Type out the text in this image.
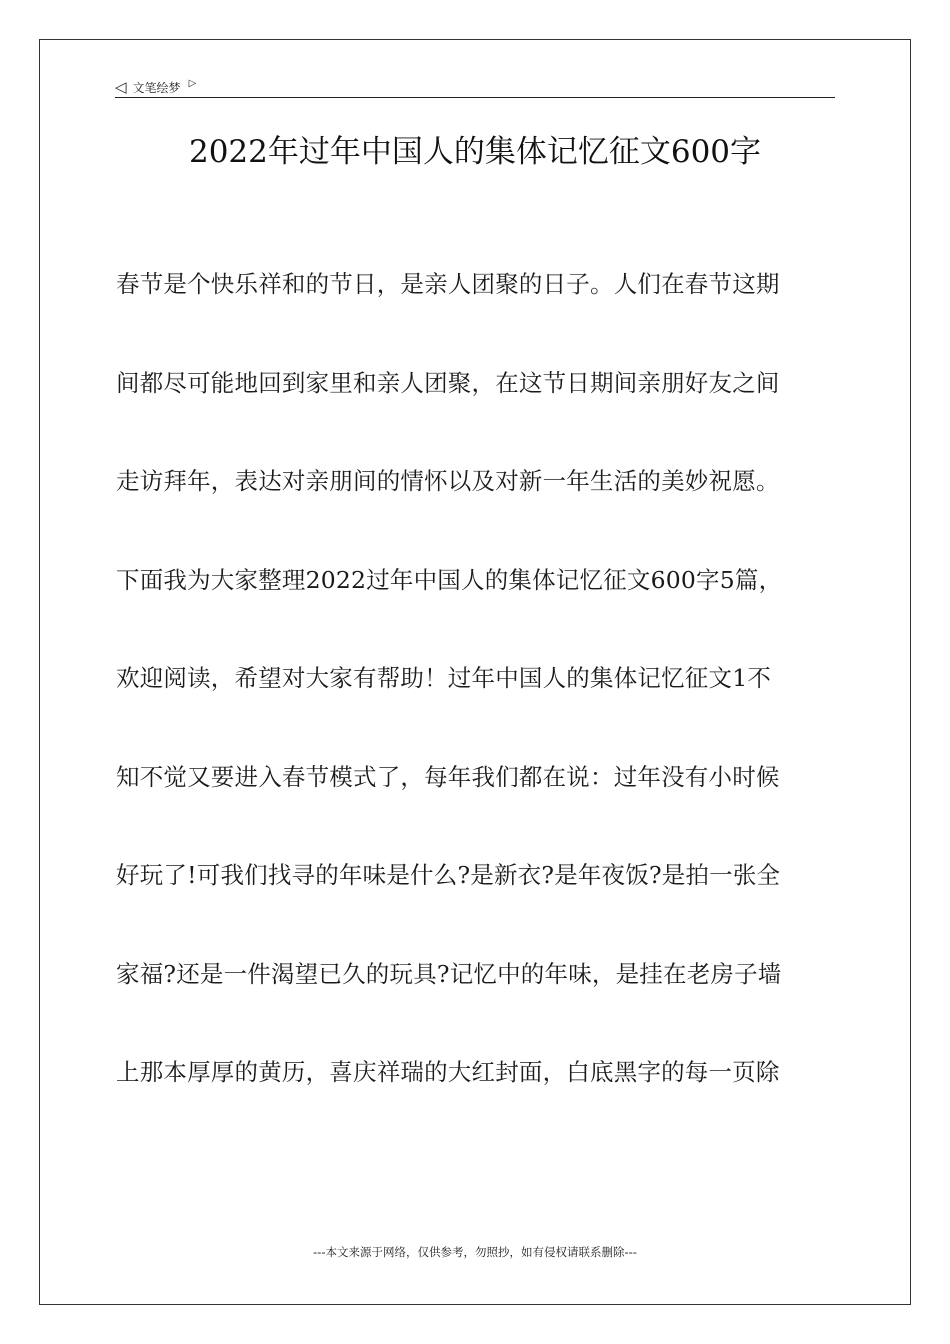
◁ 文笔绘梦 ▷
2022年过年中国人的集体记忆征文600字
春节是个快乐祥和的节日，是亲人团聚的日子。人们在春节这期
间都尽可能地回到家里和亲人团聚，在这节日期间亲朋好友之间
走访拜年，表达对亲朋间的情怀以及对新一年生活的美妙祝愿。
下面我为大家整理2022过年中国人的集体记忆征文600字5篇，
欢迎阅读，希望对大家有帮助！过年中国人的集体记忆征文1不
知不觉又要进入春节模式了，每年我们都在说：过年没有小时候
好玩了!可我们找寻的年味是什么?是新衣?是年夜饭?是拍一张全
家福?还是一件渴望已久的玩具?记忆中的年味，是挂在老房子墙
上那本厚厚的黄历，喜庆祥瑞的大红封面，白底黑字的每一页除
---本文来源于网络，仅供参考，勿照抄，如有侵权请联系删除---
